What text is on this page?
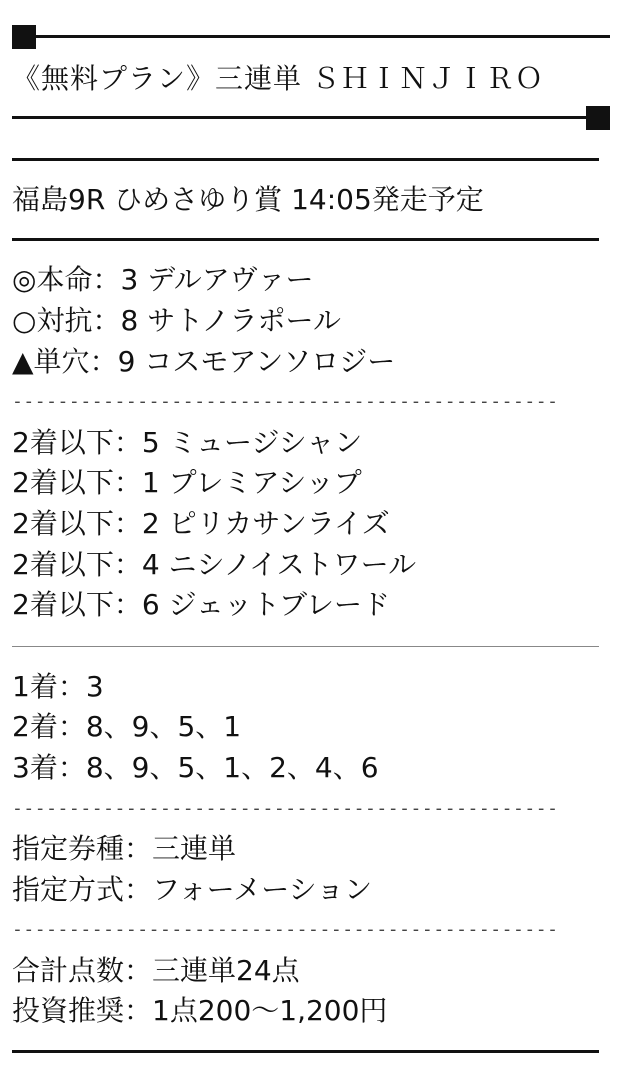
《無料プラン》三連単 ＳＨＩＮＪＩＲＯ
福島9R ひめさゆり賞 14:05発走予定
◎本命：3 デルアヴァー
○対抗：8 サトノラポール
▲単穴：9 コスモアンソロジー
------------------------------------------------
2着以下：5 ミュージシャン
2着以下：1 プレミアシップ
2着以下：2 ピリカサンライズ
2着以下：4 ニシノイストワール
2着以下：6 ジェットブレード
1着：3
2着：8、9、5、1
3着：8、9、5、1、2、4、6
------------------------------------------------
指定券種：三連単
指定方式：フォーメーション
------------------------------------------------
合計点数：三連単24点
投資推奨：1点200〜1,200円
